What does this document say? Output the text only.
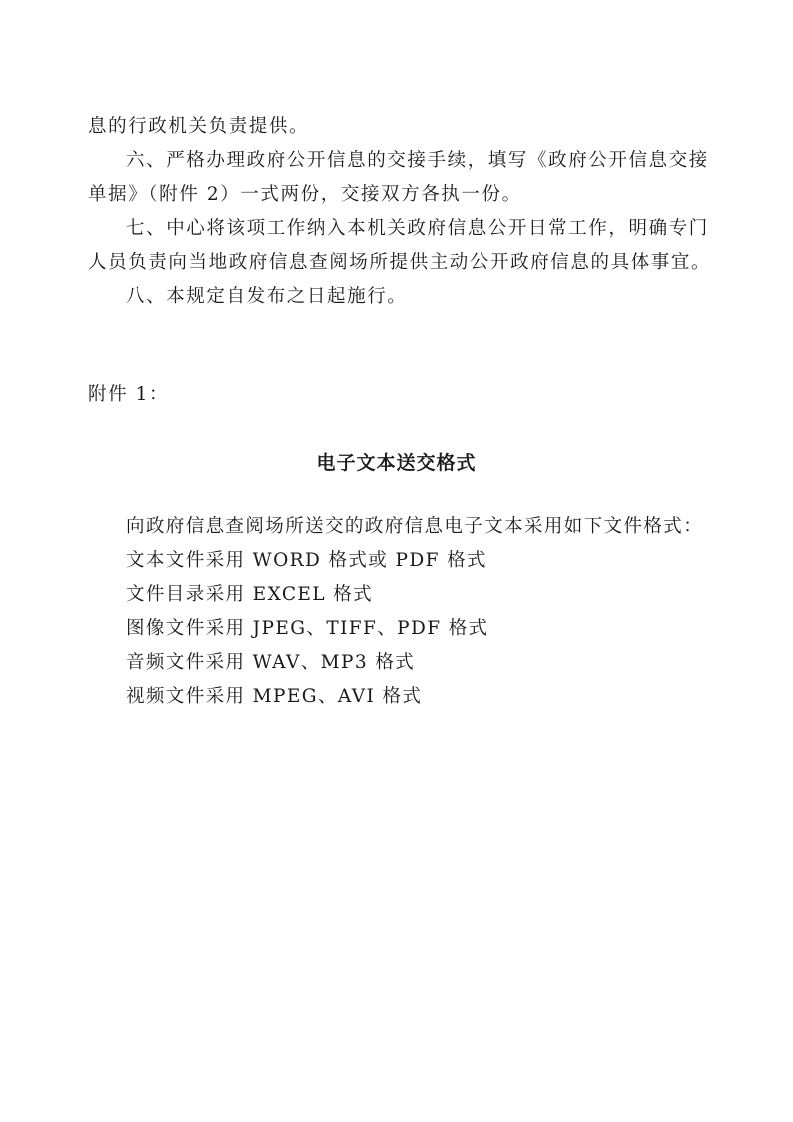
息的行政机关负责提供。

六、严格办理政府公开信息的交接手续，填写《政府公开信息交接单据》（附件 2）一式两份，交接双方各执一份。

七、中心将该项工作纳入本机关政府信息公开日常工作，明确专门人员负责向当地政府信息查阅场所提供主动公开政府信息的具体事宜。

八、本规定自发布之日起施行。

附件 1：

电子文本送交格式
向政府信息查阅场所送交的政府信息电子文本采用如下文件格式：
文本文件采用 WORD 格式或 PDF 格式
文件目录采用 EXCEL 格式
图像文件采用 JPEG、TIFF、PDF 格式
音频文件采用 WAV、MP3 格式
视频文件采用 MPEG、AVI 格式
